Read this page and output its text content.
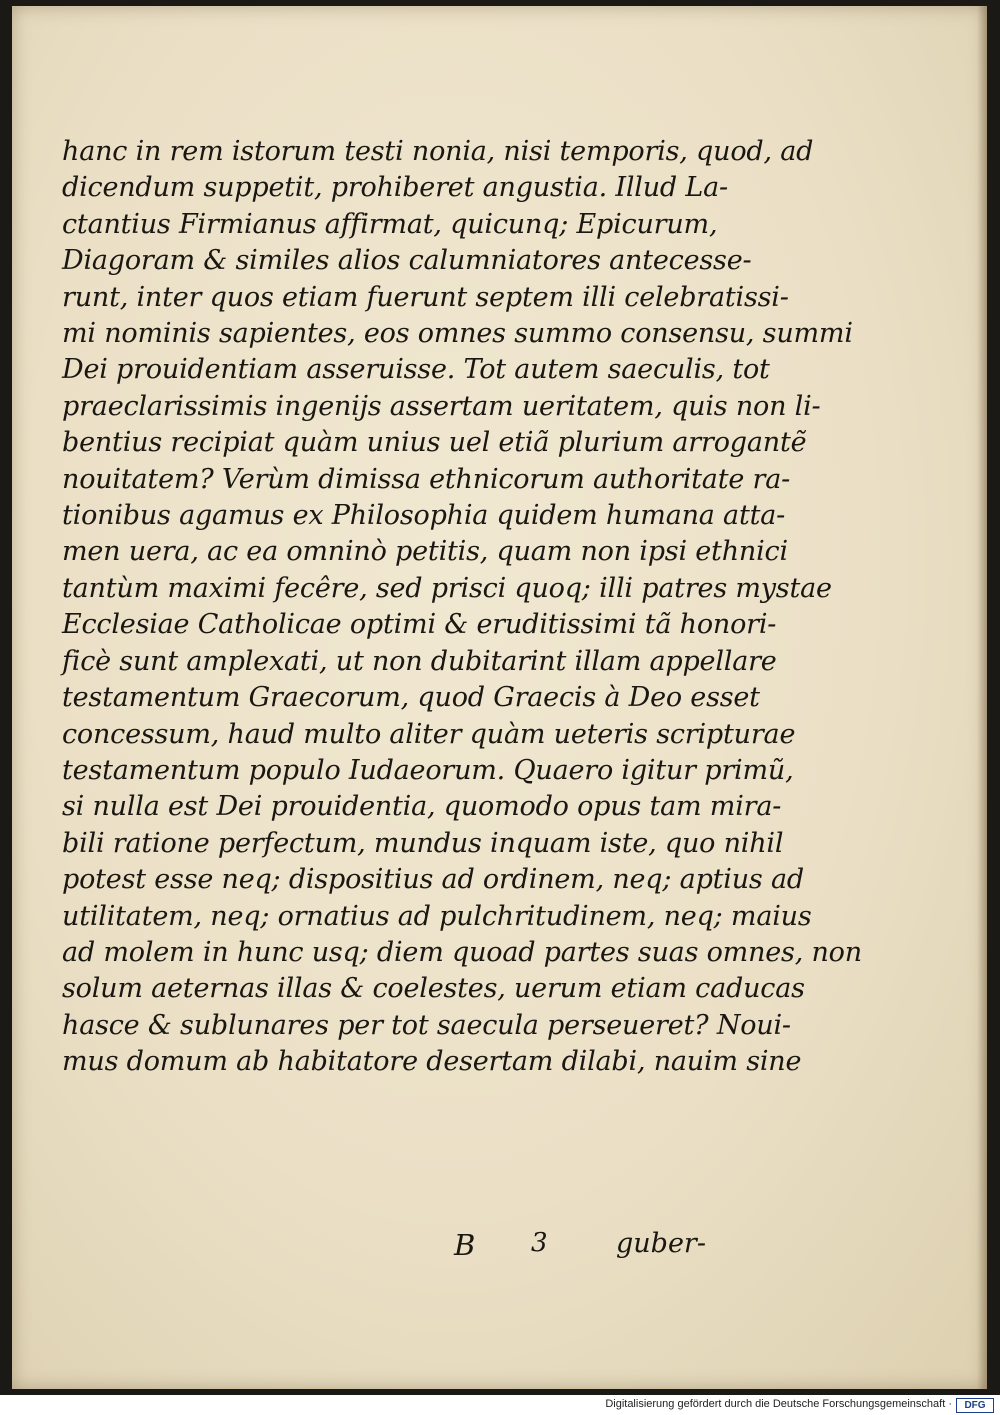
hanc in rem istorum testi nonia, nisi temporis, quod, ad
dicendum suppetit, prohiberet angustia. Illud La-
ctantius Firmianus affirmat, quicunq; Epicurum,
Diagoram & similes alios calumniatores antecesse-
runt, inter quos etiam fuerunt septem illi celebratissi-
mi nominis sapientes, eos omnes summo consensu, summi
Dei prouidentiam asseruisse. Tot autem saeculis, tot
praeclarissimis ingenijs assertam ueritatem, quis non li-
bentius recipiat quàm unius uel etiã plurium arrogantẽ
nouitatem? Verùm dimissa ethnicorum authoritate ra-
tionibus agamus ex Philosophia quidem humana atta-
men uera, ac ea omninò petitis, quam non ipsi ethnici
tantùm maximi fecêre, sed prisci quoq; illi patres mystae
Ecclesiae Catholicae optimi & eruditissimi tã honori-
ficè sunt amplexati, ut non dubitarint illam appellare
testamentum Graecorum, quod Graecis à Deo esset
concessum, haud multo aliter quàm ueteris scripturae
testamentum populo Iudaeorum. Quaero igitur primũ,
si nulla est Dei prouidentia, quomodo opus tam mira-
bili ratione perfectum, mundus inquam iste, quo nihil
potest esse neq; dispositius ad ordinem, neq; aptius ad
utilitatem, neq; ornatius ad pulchritudinem, neq; maius
ad molem in hunc usq; diem quoad partes suas omnes, non
solum aeternas illas & coelestes, uerum etiam caducas
hasce & sublunares per tot saecula perseueret? Noui-
mus domum ab habitatore desertam dilabi, nauim sine
B 3	guber-
Digitalisierung gefördert durch die Deutsche Forschungsgemeinschaft ·	DFG
